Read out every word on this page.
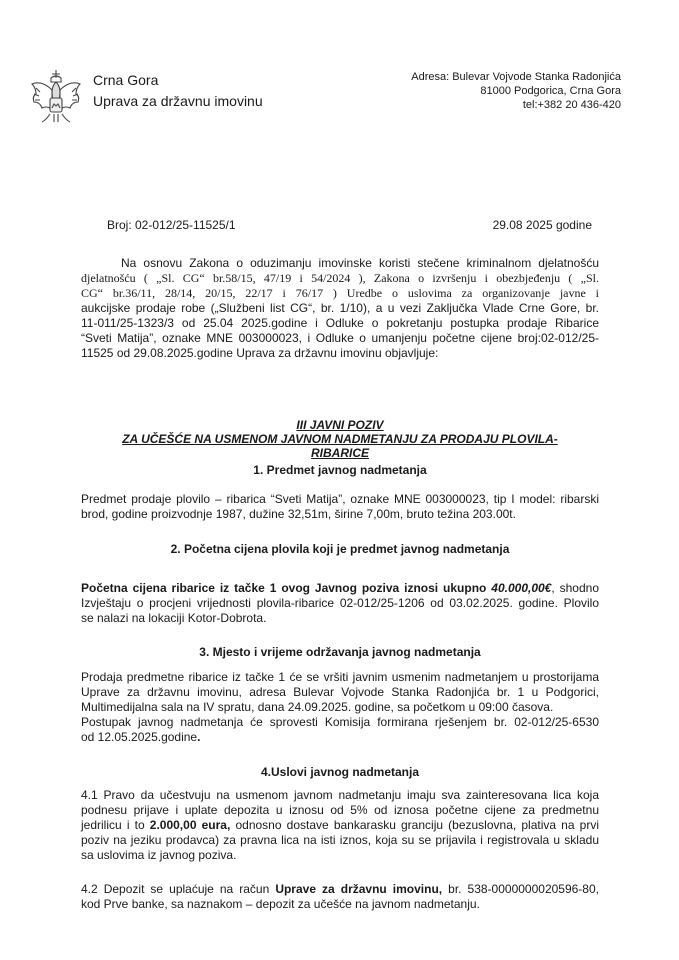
Crna Gora
Uprava za državnu imovinu
Adresa: Bulevar Vojvode Stanka Radonjića
81000 Podgorica, Crna Gora
tel:+382 20 436-420
Broj: 02-012/25-11525/1	29.08 2025 godine
Na osnovu Zakona o oduzimanju imovinske koristi stečene kriminalnom djelatnošću
djelatnošću ( „Sl. CG“ br.58/15, 47/19 i 54/2024 ), Zakona o izvršenju i obezbjeđenju ( „Sl.
CG“ br.36/11, 28/14, 20/15, 22/17 i 76/17 ) Uredbe o uslovima za organizovanje javne i
aukcijske prodaje robe („Službeni list CG“, br. 1/10), a u vezi Zaključka Vlade Crne Gore, br.
11-011/25-1323/3 od 25.04 2025.godine i Odluke o pokretanju postupka prodaje Ribarice
“Sveti Matija”, oznake MNE 003000023, i Odluke o umanjenju početne cijene broj:02-012/25-
11525 od 29.08.2025.godine Uprava za državnu imovinu objavljuje:
III JAVNI POZIV
ZA UČEŠĆE NA USMENOM JAVNOM NADMETANJU ZA PRODAJU PLOVILA-
RIBARICE
1. Predmet javnog nadmetanja
Predmet prodaje plovilo – ribarica “Sveti Matija”, oznake MNE 003000023, tip I model: ribarski
brod, godine proizvodnje 1987, dužine 32,51m, širine 7,00m, bruto težina 203.00t.
2. Početna cijena plovila koji je predmet javnog nadmetanja
Početna cijena ribarice iz tačke 1 ovog Javnog poziva iznosi ukupno 40.000,00€, shodno
Izvještaju o procjeni vrijednosti plovila-ribarice 02-012/25-1206 od 03.02.2025. godine. Plovilo
se nalazi na lokaciji Kotor-Dobrota.
3. Mjesto i vrijeme održavanja javnog nadmetanja
Prodaja predmetne ribarice iz tačke 1 će se vršiti javnim usmenim nadmetanjem u prostorijama
Uprave za državnu imovinu, adresa Bulevar Vojvode Stanka Radonjića br. 1 u Podgorici,
Multimedijalna sala na IV spratu, dana 24.09.2025. godine, sa početkom u 09:00 časova.
Postupak javnog nadmetanja će sprovesti Komisija formirana rješenjem br. 02-012/25-6530
od 12.05.2025.godine.
4.Uslovi javnog nadmetanja
4.1 Pravo da učestvuju na usmenom javnom nadmetanju imaju sva zainteresovana lica koja
podnesu prijave i uplate depozita u iznosu od 5% od iznosa početne cijene za predmetnu
jedrilicu i to 2.000,00 eura, odnosno dostave bankarasku granciju (bezuslovna, plativa na prvi
poziv na jeziku prodavca) za pravna lica na isti iznos, koja su se prijavila i registrovala u skladu
sa uslovima iz javnog poziva.
4.2 Depozit se uplaćuje na račun Uprave za državnu imovinu, br. 538-0000000020596-80,
kod Prve banke, sa naznakom – depozit za učešće na javnom nadmetanju.
